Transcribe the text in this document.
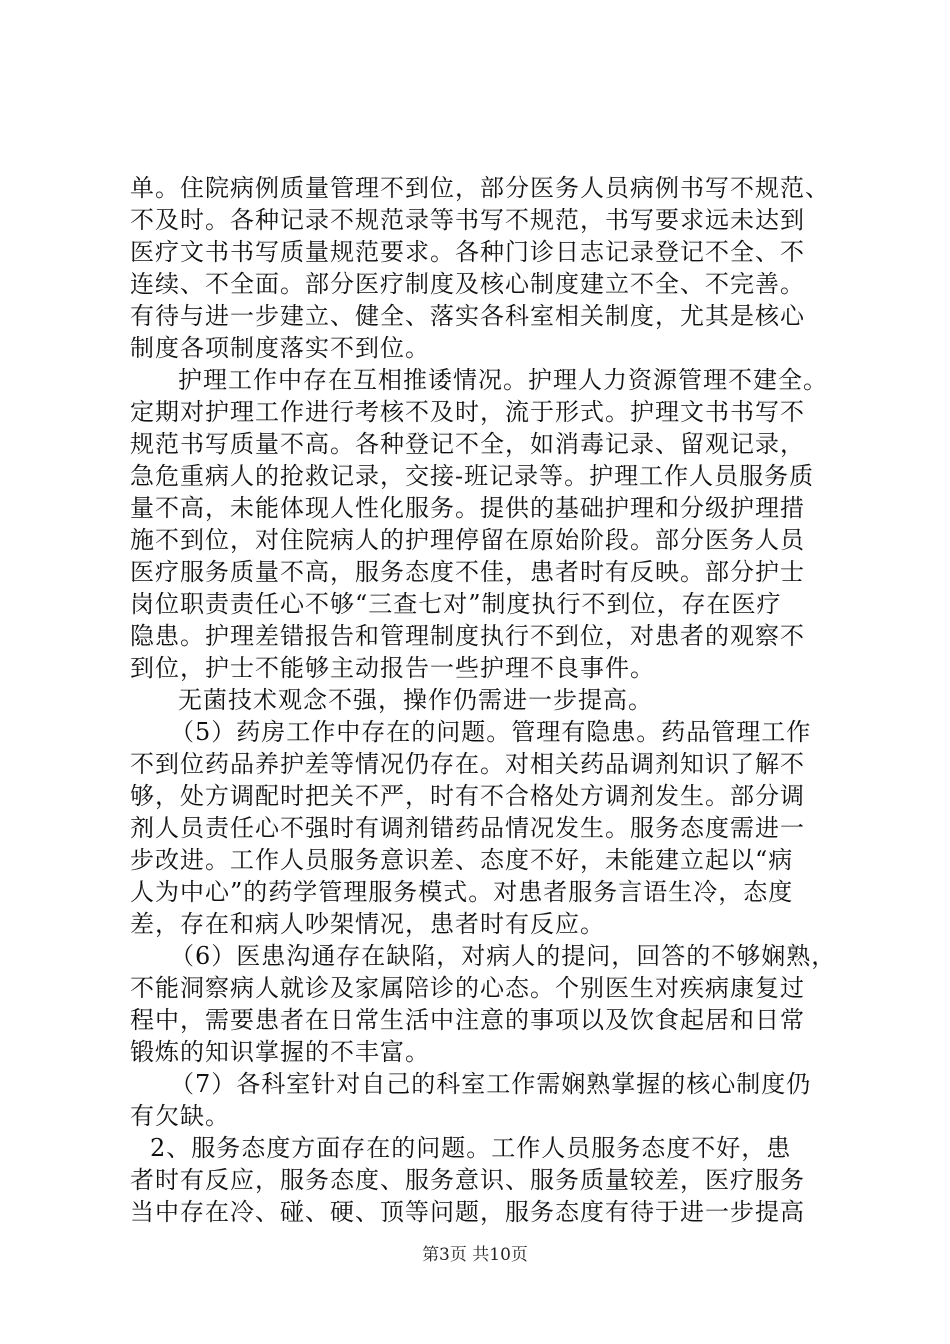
单。住院病例质量管理不到位，部分医务人员病例书写不规范、
不及时。各种记录不规范录等书写不规范，书写要求远未达到
医疗文书书写质量规范要求。各种门诊日志记录登记不全、不
连续、不全面。部分医疗制度及核心制度建立不全、不完善。
有待与进一步建立、健全、落实各科室相关制度，尤其是核心
制度各项制度落实不到位。
护理工作中存在互相推诿情况。护理人力资源管理不建全。
定期对护理工作进行考核不及时，流于形式。护理文书书写不
规范书写质量不高。各种登记不全，如消毒记录、留观记录，
急危重病人的抢救记录，交接-班记录等。护理工作人员服务质
量不高，未能体现人性化服务。提供的基础护理和分级护理措
施不到位，对住院病人的护理停留在原始阶段。部分医务人员
医疗服务质量不高，服务态度不佳，患者时有反映。部分护士
岗位职责责任心不够“三查七对”制度执行不到位，存在医疗
隐患。护理差错报告和管理制度执行不到位，对患者的观察不
到位，护士不能够主动报告一些护理不良事件。
无菌技术观念不强，操作仍需进一步提高。
（5）药房工作中存在的问题。管理有隐患。药品管理工作
不到位药品养护差等情况仍存在。对相关药品调剂知识了解不
够，处方调配时把关不严，时有不合格处方调剂发生。部分调
剂人员责任心不强时有调剂错药品情况发生。服务态度需进一
步改进。工作人员服务意识差、态度不好，未能建立起以“病
人为中心”的药学管理服务模式。对患者服务言语生冷，态度
差，存在和病人吵架情况，患者时有反应。
（6）医患沟通存在缺陷，对病人的提问，回答的不够娴熟，
不能洞察病人就诊及家属陪诊的心态。个别医生对疾病康复过
程中，需要患者在日常生活中注意的事项以及饮食起居和日常
锻炼的知识掌握的不丰富。
（7）各科室针对自己的科室工作需娴熟掌握的核心制度仍
有欠缺。
2、服务态度方面存在的问题。工作人员服务态度不好，患
者时有反应，服务态度、服务意识、服务质量较差，医疗服务
当中存在冷、碰、硬、顶等问题，服务态度有待于进一步提高
第3页 共10页
